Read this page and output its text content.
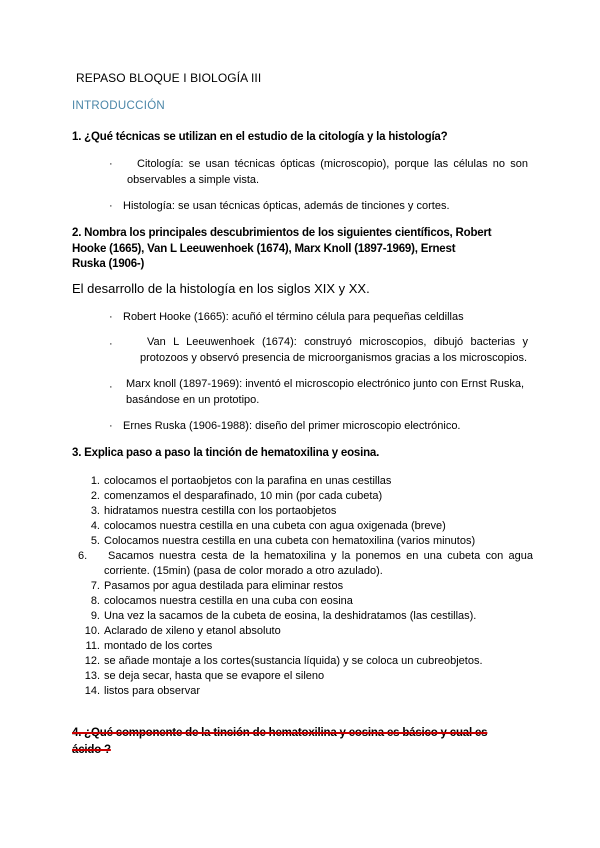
REPASO BLOQUE I BIOLOGÍA III
INTRODUCCIÓN
1. ¿Qué técnicas se utilizan en el estudio de la citología y la histología?
·	Citología: se usan técnicas ópticas (microscopio), porque las células no son observables a simple vista.
· Histología: se usan técnicas ópticas, además de tinciones y cortes.
2. Nombra los principales descubrimientos de los siguientes científicos, Robert
Hooke (1665), Van L Leeuwenhoek (1674), Marx Knoll (1897-1969), Ernest
Ruska (1906-)
El desarrollo de la histología en los siglos XIX y XX.
· Robert Hooke (1665): acuñó el término célula para pequeñas celdillas
·	Van L Leeuwenhoek (1674): construyó microscopios, dibujó bacterias y protozoos y observó presencia de microorganismos gracias a los microscopios.
· Marx knoll (1897-1969): inventó el microscopio electrónico junto con Ernst Ruska, basándose en un prototipo.
· Ernes Ruska (1906-1988): diseño del primer microscopio electrónico.
3. Explica paso a paso la tinción de hematoxilina y eosina.
1. colocamos el portaobjetos con la parafina en unas cestillas
2. comenzamos el desparafinado, 10 min (por cada cubeta)
3. hidratamos nuestra cestilla con los portaobjetos
4. colocamos nuestra cestilla en una cubeta con agua oxigenada (breve)
5. Colocamos nuestra cestilla en una cubeta con hematoxilina (varios minutos)
6.	Sacamos nuestra cesta de la hematoxilina y la ponemos en una cubeta con agua corriente. (15min) (pasa de color morado a otro azulado).
7. Pasamos por agua destilada para eliminar restos
8. colocamos nuestra cestilla en una cuba con eosina
9. Una vez la sacamos de la cubeta de eosina, la deshidratamos (las cestillas).
10. Aclarado de xileno y etanol absoluto
11. montado de los cortes
12. se añade montaje a los cortes(sustancia líquida) y se coloca un cubreobjetos.
13. se deja secar, hasta que se evapore el sileno
14. listos para observar
4. ¿Qué componente de la tinción de hematoxilina y eosina es básico y cual es
ácido ?
